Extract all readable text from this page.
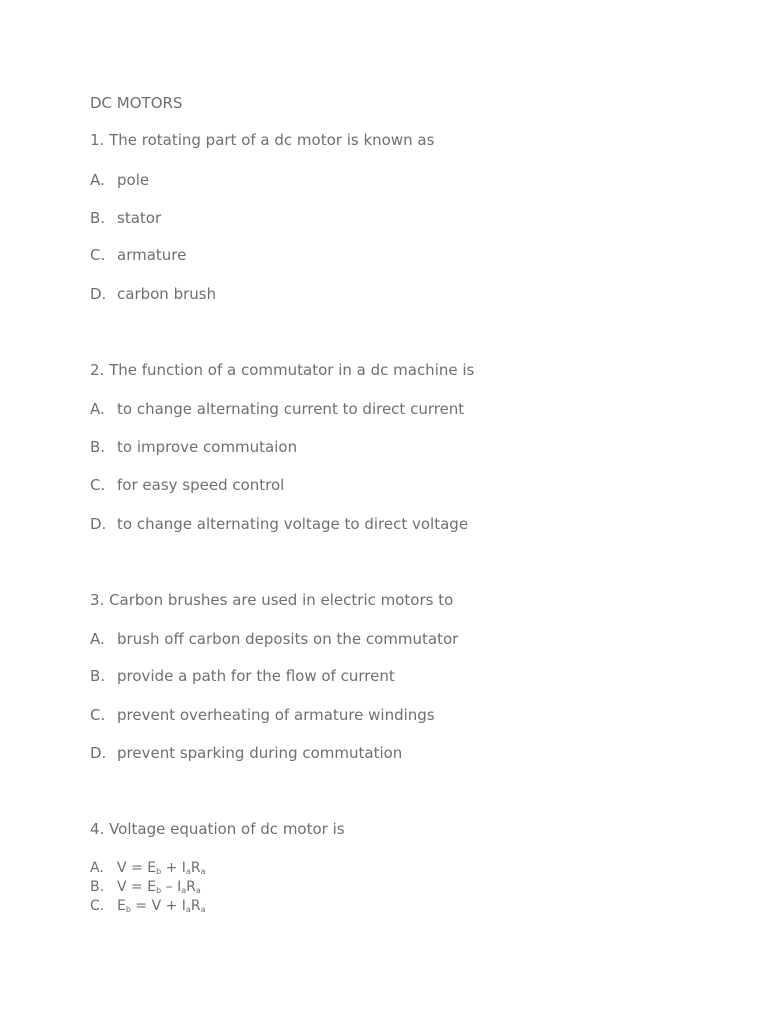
DC MOTORS
1. The rotating part of a dc motor is known as
A. pole
B. stator
C. armature
D. carbon brush
2. The function of a commutator in a dc machine is
A. to change alternating current to direct current
B. to improve commutaion
C. for easy speed control
D. to change alternating voltage to direct voltage
3. Carbon brushes are used in electric motors to
A. brush off carbon deposits on the commutator
B. provide a path for the flow of current
C. prevent overheating of armature windings
D. prevent sparking during commutation
4. Voltage equation of dc motor is
A. $V = E_b + I_aR_a$
B. $V = E_b - I_aR_a$
C. $E_b = V + I_aR_a$
